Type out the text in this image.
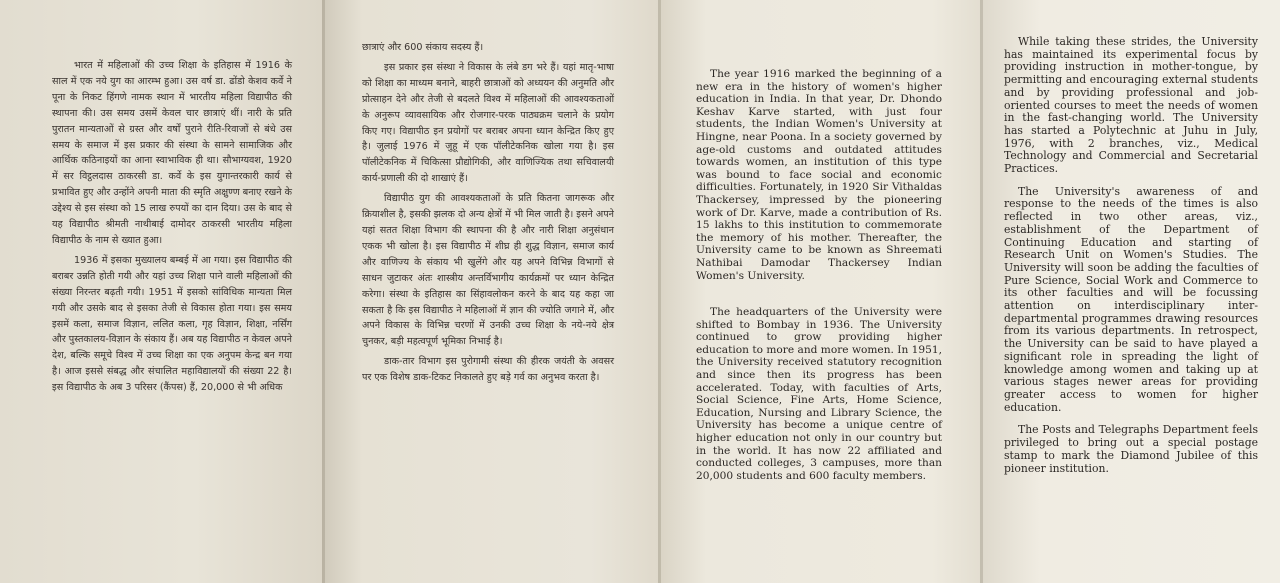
भारत में महिलाओं की उच्च शिक्षा के इतिहास में 1916 के साल में एक नये युग का आरम्भ हुआ। उस वर्ष डा. ढोंडो केशव कर्वे ने पूना के निकट हिंगणे नामक स्थान में भारतीय महिला विद्यापीठ की स्थापना की। उस समय उसमें केवल चार छात्राएं थीं। नारी के प्रति पुरातन मान्यताओं से ग्रस्त और वर्षों पुराने रीति-रिवाजों से बंधे उस समय के समाज में इस प्रकार की संस्था के सामने सामाजिक और आर्थिक कठिनाइयों का आना स्वाभाविक ही था। सौभाग्यवश, 1920 में सर विट्ठलदास ठाकरसी डा. कर्वे के इस युगान्तरकारी कार्य से प्रभावित हुए और उन्होंने अपनी माता की स्मृति अक्षुण्ण बनाए रखने के उद्देश्य से इस संस्था को 15 लाख रुपयों का दान दिया। उस के बाद से यह विद्यापीठ श्रीमती नाथीबाई दामोदर ठाकरसी भारतीय महिला विद्यापीठ के नाम से ख्यात हुआ।

1936 में इसका मुख्यालय बम्बई में आ गया। इस विद्यापीठ की बराबर उन्नति होती गयी और यहां उच्च शिक्षा पाने वाली महिलाओं की संख्या निरन्तर बढ़ती गयी। 1951 में इसको सांविधिक मान्यता मिल गयी और उसके बाद से इसका तेजी से विकास होता गया। इस समय इसमें कला, समाज विज्ञान, ललित कला, गृह विज्ञान, शिक्षा, नर्सिंग और पुस्तकालय-विज्ञान के संकाय हैं। अब यह विद्यापीठ न केवल अपने देश, बल्कि समूचे विश्व में उच्च शिक्षा का एक अनुपम केन्द्र बन गया है। आज इससे संबद्ध और संचालित महाविद्यालयों की संख्या 22 है। इस विद्यापीठ के अब 3 परिसर (कैंपस) हैं, 20,000 से भी अधिक

छात्राएं और 600 संकाय सदस्य हैं।

इस प्रकार इस संस्था ने विकास के लंबे डग भरे हैं। यहां मातृ-भाषा को शिक्षा का माध्यम बनाने, बाहरी छात्राओं को अध्ययन की अनुमति और प्रोत्साहन देने और तेजी से बदलते विश्व में महिलाओं की आवश्यकताओं के अनुरूप व्यावसायिक और रोजगार-परक पाठ्यक्रम चलाने के प्रयोग किए गए। विद्यापीठ इन प्रयोगों पर बराबर अपना ध्यान केन्द्रित किए हुए है। जुलाई 1976 में जुहू में एक पॉलीटेकनिक खोला गया है। इस पॉलीटेकनिक में चिकित्सा प्रौद्योगिकी, और वाणिज्यिक तथा सचिवालयी कार्य-प्रणाली की दो शाखाएं हैं।

विद्यापीठ युग की आवश्यकताओं के प्रति कितना जागरूक और क्रियाशील है, इसकी झलक दो अन्य क्षेत्रों में भी मिल जाती है। इसने अपने यहां सतत शिक्षा विभाग की स्थापना की है और नारी शिक्षा अनुसंधान एकक भी खोला है। इस विद्यापीठ में शीघ्र ही शुद्ध विज्ञान, समाज कार्य और वाणिज्य के संकाय भी खुलेंगे और यह अपने विभिन्न विभागों से साधन जुटाकर अंतः शास्त्रीय अन्तर्विभागीय कार्यक्रमों पर ध्यान केन्द्रित करेगा। संस्था के इतिहास का सिंहावलोकन करने के बाद यह कहा जा सकता है कि इस विद्यापीठ ने महिलाओं में ज्ञान की ज्योति जगाने में, और अपने विकास के विभिन्न चरणों में उनकी उच्च शिक्षा के नये-नये क्षेत्र चुनकर, बड़ी महत्वपूर्ण भूमिका निभाई है।

डाक-तार विभाग इस पुरोगामी संस्था की हीरक जयंती के अवसर पर एक विशेष डाक-टिकट निकालते हुए बड़े गर्व का अनुभव करता है।

The year 1916 marked the beginning of a new era in the history of women's higher education in India. In that year, Dr. Dhondo Keshav Karve started, with just four students, the Indian Women's University at Hingne, near Poona. In a society governed by age-old customs and outdated attitudes towards women, an institution of this type was bound to face social and economic difficulties. Fortunately, in 1920 Sir Vithaldas Thackersey, impressed by the pioneering work of Dr. Karve, made a contribution of Rs. 15 lakhs to this institution to commemorate the memory of his mother. Thereafter, the University came to be known as Shreemati Nathibai Damodar Thackersey Indian Women's University.

The headquarters of the University were shifted to Bombay in 1936. The University continued to grow providing higher education to more and more women. In 1951, the University received statutory recognition and since then its progress has been accelerated. Today, with faculties of Arts, Social Science, Fine Arts, Home Science, Education, Nursing and Library Science, the University has become a unique centre of higher education not only in our country but in the world. It has now 22 affiliated and conducted colleges, 3 campuses, more than 20,000 students and 600 faculty members.

While taking these strides, the University has maintained its experimental focus by providing instruction in mother-tongue, by permitting and encouraging external students and by providing professional and job-oriented courses to meet the needs of women in the fast-changing world. The University has started a Polytechnic at Juhu in July, 1976, with 2 branches, viz., Medical Technology and Commercial and Secretarial Practices.

The University's awareness of and response to the needs of the times is also reflected in two other areas, viz., establishment of the Department of Continuing Education and starting of Research Unit on Women's Studies. The University will soon be adding the faculties of Pure Science, Social Work and Commerce to its other faculties and will be focussing attention on interdisciplinary inter-departmental programmes drawing resources from its various departments. In retrospect, the University can be said to have played a significant role in spreading the light of knowledge among women and taking up at various stages newer areas for providing greater access to women for higher education.

The Posts and Telegraphs Department feels privileged to bring out a special postage stamp to mark the Diamond Jubilee of this pioneer institution.
